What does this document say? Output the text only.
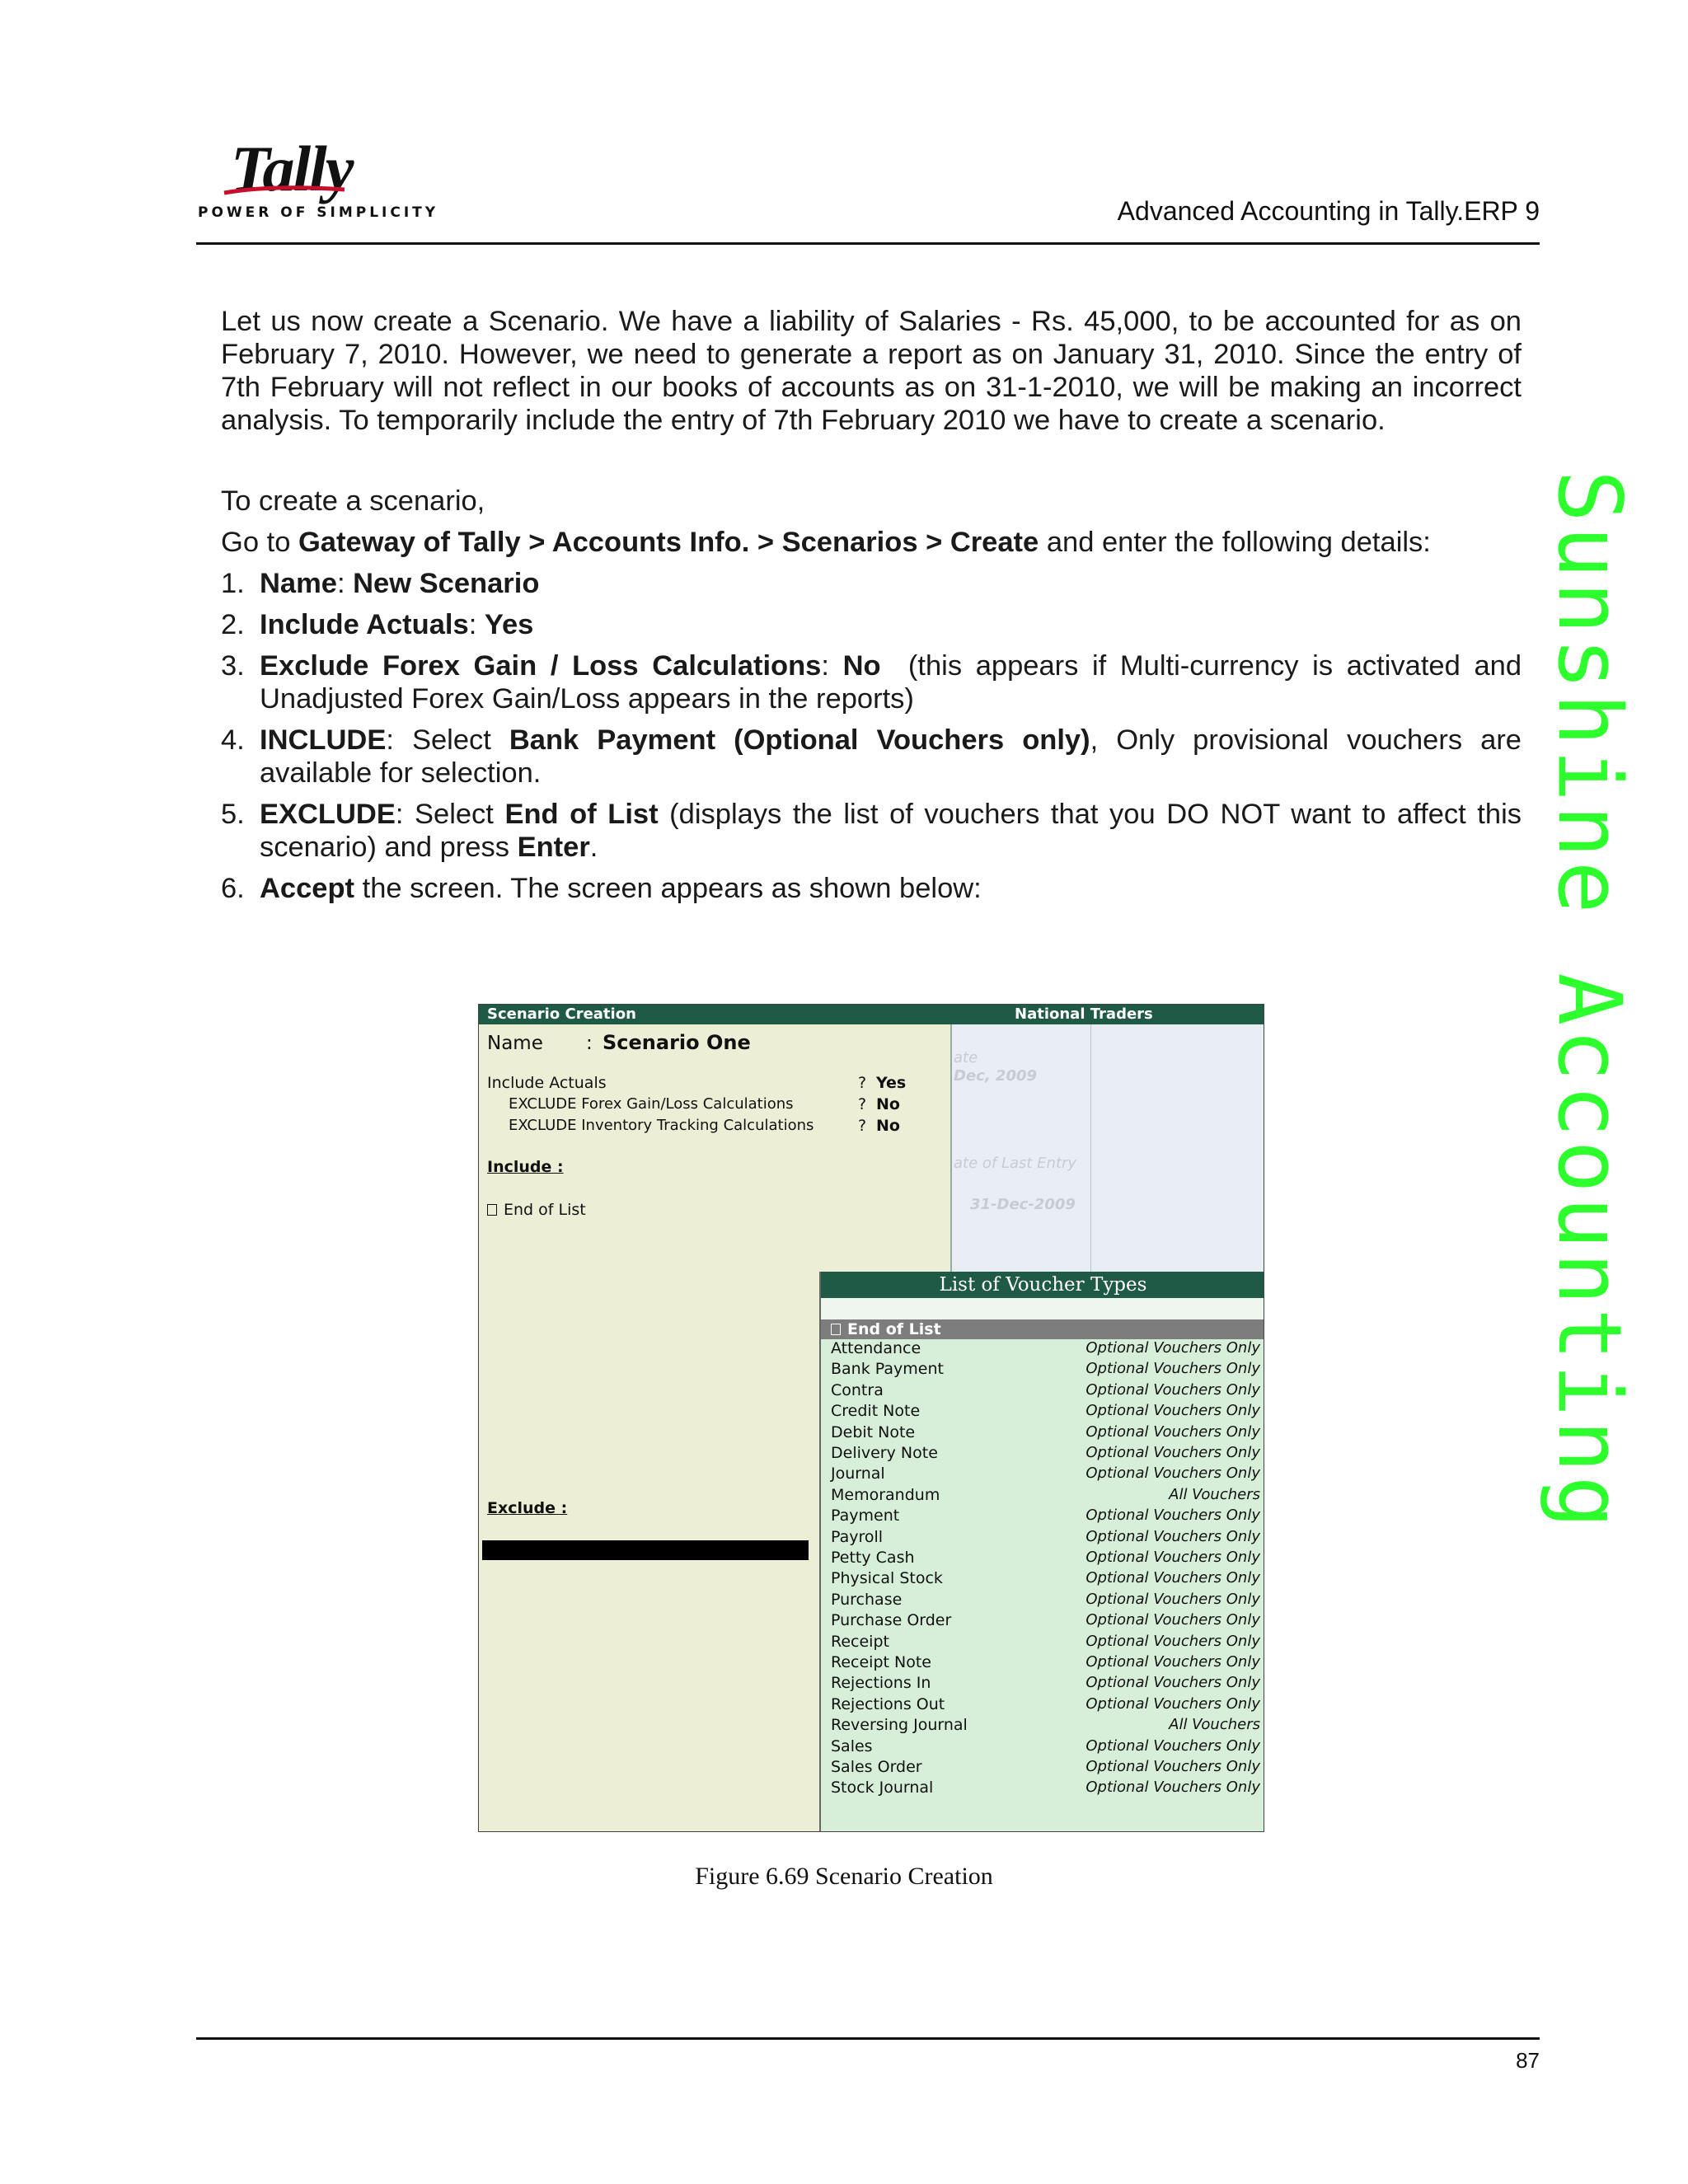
Tally
POWER OF SIMPLICITY	Advanced Accounting in Tally.ERP 9
Sunshine Accounting

Let us now create a Scenario. We have a liability of Salaries - Rs. 45,000, to be accounted for as on February 7, 2010. However, we need to generate a report as on January 31, 2010. Since the entry of 7th February will not reflect in our books of accounts as on 31-1-2010, we will be making an incorrect analysis. To temporarily include the entry of 7th February 2010 we have to create a scenario.

To create a scenario,

Go to Gateway of Tally > Accounts Info. > Scenarios > Create and enter the following details:

1. Name: New Scenario
2. Include Actuals: Yes
3. Exclude Forex Gain / Loss Calculations: No  (this appears if Multi-currency is activated and Unadjusted Forex Gain/Loss appears in the reports)
4. INCLUDE: Select Bank Payment (Optional Vouchers only), Only provisional vouchers are available for selection.
5. EXCLUDE: Select End of List (displays the list of vouchers that you DO NOT want to affect this scenario) and press Enter.
6. Accept the screen. The screen appears as shown below:
Scenario Creation	National Traders
ate
Dec, 2009
ate of Last Entry
31-Dec-2009
Name : Scenario One
Include Actuals	? Yes
EXCLUDE Forex Gain/Loss Calculations	? No
EXCLUDE Inventory Tracking Calculations	? No
Include :
End of List
Exclude :
List of Voucher Types
End of List
Attendance	Optional Vouchers Only
Bank Payment	Optional Vouchers Only
Contra	Optional Vouchers Only
Credit Note	Optional Vouchers Only
Debit Note	Optional Vouchers Only
Delivery Note	Optional Vouchers Only
Journal	Optional Vouchers Only
Memorandum	All Vouchers
Payment	Optional Vouchers Only
Payroll	Optional Vouchers Only
Petty Cash	Optional Vouchers Only
Physical Stock	Optional Vouchers Only
Purchase	Optional Vouchers Only
Purchase Order	Optional Vouchers Only
Receipt	Optional Vouchers Only
Receipt Note	Optional Vouchers Only
Rejections In	Optional Vouchers Only
Rejections Out	Optional Vouchers Only
Reversing Journal	All Vouchers
Sales	Optional Vouchers Only
Sales Order	Optional Vouchers Only
Stock Journal	Optional Vouchers Only
Figure 6.69 Scenario Creation
87
